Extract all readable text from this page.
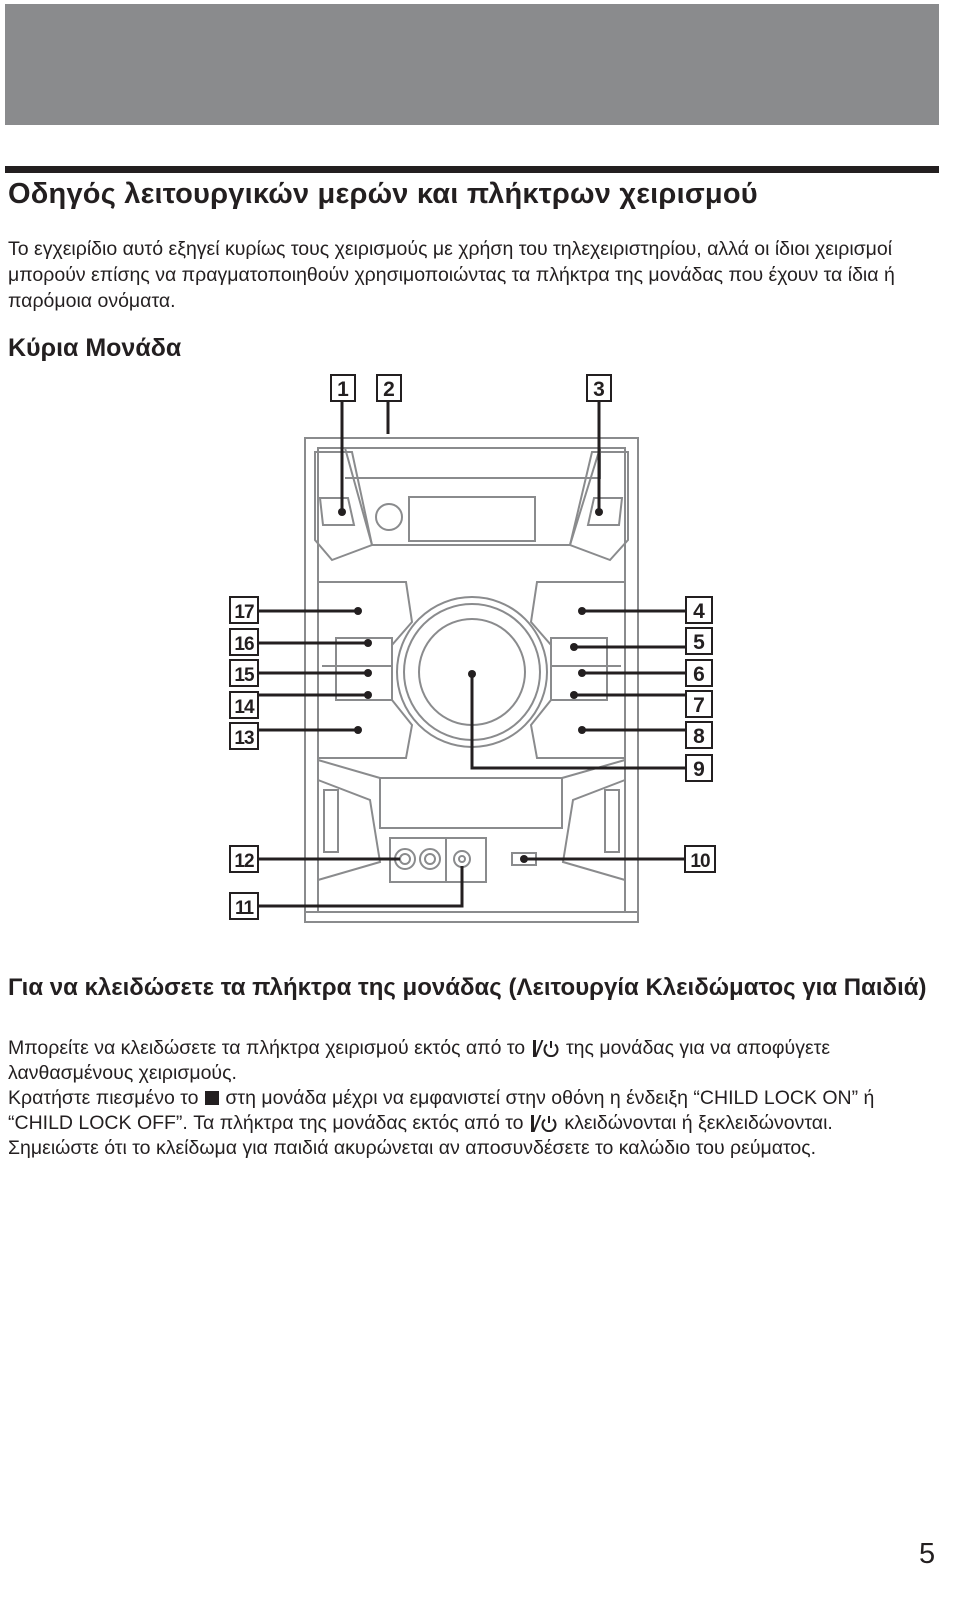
Οδηγός λειτουργικών μερών και πλήκτρων χειρισμού

Το εγχειρίδιο αυτό εξηγεί κυρίως τους χειρισμούς με χρήση του τηλεχειριστηρίου, αλλά οι ίδιοι χειρισμοί μπορούν επίσης να πραγματοποιηθούν χρησιμοποιώντας τα πλήκτρα της μονάδας που έχουν τα ίδια ή παρόμοια ονόματα.

Κύρια Μονάδα
1 2	3
4
5
6
7
8
9
10
11
12
13
14
15
16
17
Για να κλειδώσετε τα πλήκτρα της μονάδας (Λειτουργία Κλειδώματος για Παιδιά)

Μπορείτε να κλειδώσετε τα πλήκτρα χειρισμού εκτός από το της μονάδας για να αποφύγετε λανθασμένους χειρισμούς.

Κρατήστε πιεσμένο το στη μονάδα μέχρι να εμφανιστεί στην οθόνη η ένδειξη “CHILD LOCK ON” ή “CHILD LOCK OFF”. Τα πλήκτρα της μονάδας εκτός από το κλειδώνονται ή ξεκλειδώνονται.

Σημειώστε ότι το κλείδωμα για παιδιά ακυρώνεται αν αποσυνδέσετε το καλώδιο του ρεύματος.

5
